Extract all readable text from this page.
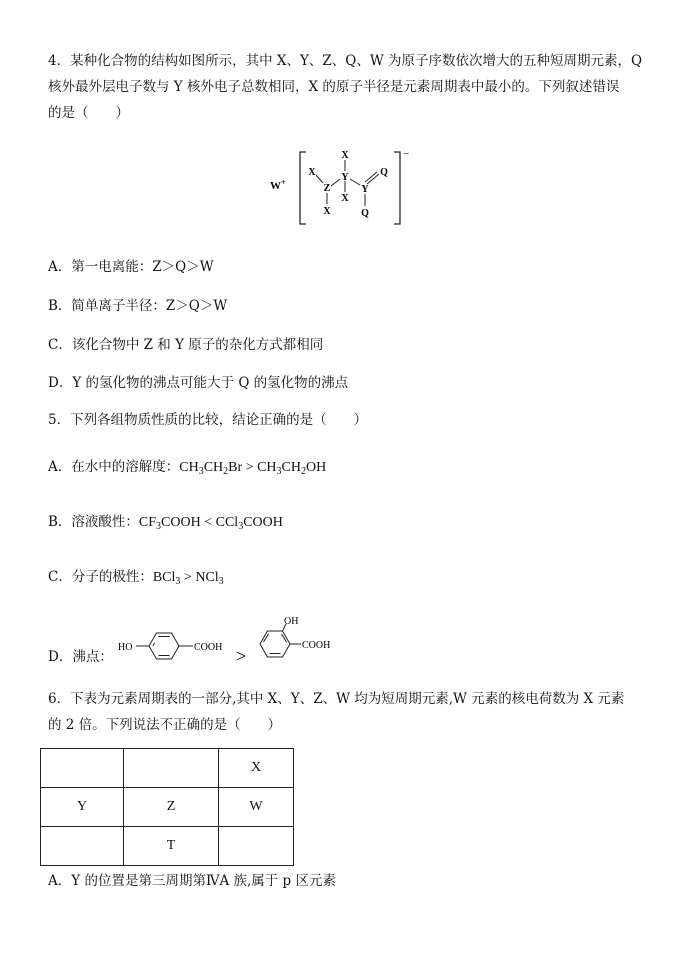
4．某种化合物的结构如图所示，其中 X、Y、Z、Q、W 为原子序数依次增大的五种短周期元素，Q
核外最外层电子数与 Y 核外电子总数相同，X 的原子半径是元素周期表中最小的。下列叙述错误
的是（　　）
W+
−
X
X
Y
Z
X
X
Y
Q
Q
A．第一电离能：Z＞Q＞W
B．简单离子半径：Z＞Q＞W
C．该化合物中 Z 和 Y 原子的杂化方式都相同
D．Y 的氢化物的沸点可能大于 Q 的氢化物的沸点
5．下列各组物质性质的比较，结论正确的是（　　）
A．在水中的溶解度：$CH_3CH_2Br > CH_3CH_2OH$
B．溶液酸性：$CF_3COOH$ < CCl$_3$COOH
C．分子的极性：BCl$_3$ > NCl$_3$
D．沸点：
HO	COOH >
OH
COOH
6．下表为元素周期表的一部分,其中 X、Y、Z、W 均为短周期元素,W 元素的核电荷数为 X 元素
的 2 倍。下列说法不正确的是（　　）
		X
Y	Z	W
	T	
A．Y 的位置是第三周期第ⅣA 族,属于 p 区元素
